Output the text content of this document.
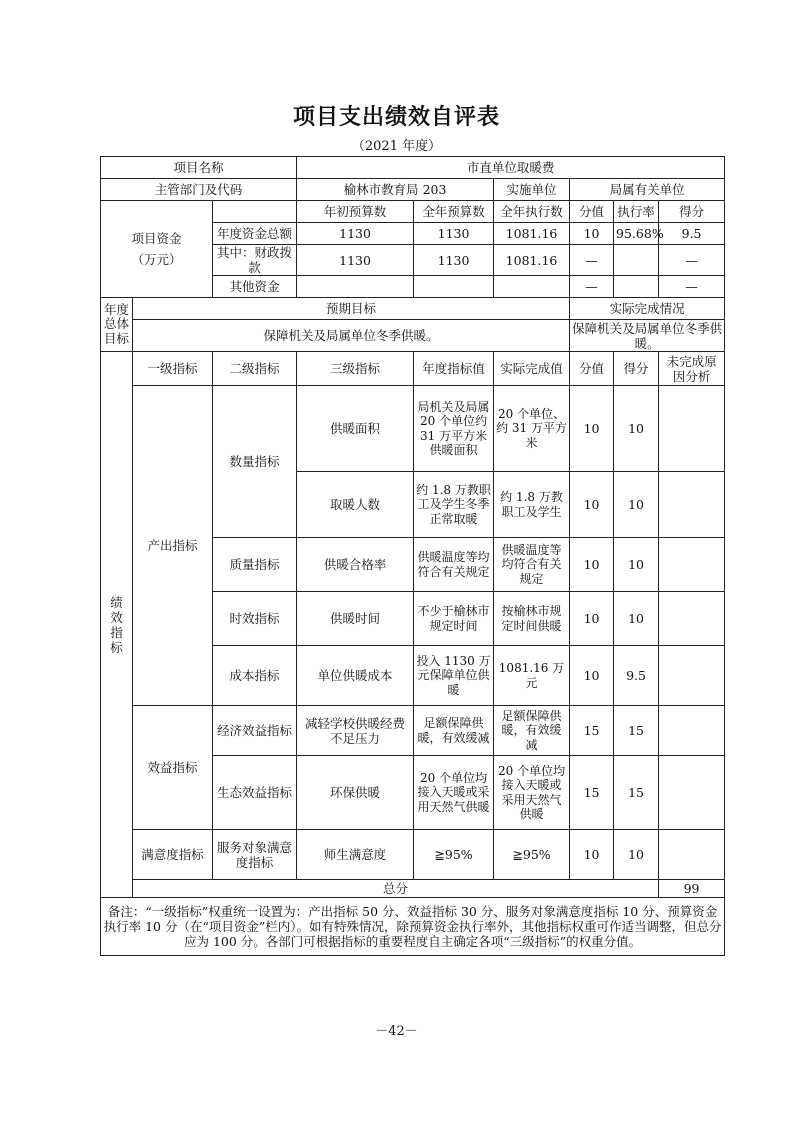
项目支出绩效自评表
（2021 年度）
项目名称			市直单位取暖费						
主管部门及代码			榆林市教育局 203		实施单位	局属有关单位			

项目资金
（万元）			年初预算数	全年预算数	全年执行数	分值	执行率	得分	
		年度资金总额	1130	1130	1081.16	10	95.68%	9.5	
		其中：财政拨款	1130	1130	1081.16	—		—	
		其他资金				—		—	

年度
总体
目标	预期目标					实际完成情况			
	保障机关及局属单位冬季供暖。					保障机关及局属单位冬季供暖。			

绩
效
指
标	一级指标	二级指标	三级指标	年度指标值	实际完成值	分值	得分	未完成原因分析	
	产出指标	数量指标	供暖面积	局机关及局属 20 个单位约 31 万平方米供暖面积	20 个单位、约 31 万平方米	10	10		
			取暖人数	约 1.8 万教职工及学生冬季正常取暖	约 1.8 万教职工及学生	10	10		
		质量指标	供暖合格率	供暖温度等均符合有关规定	供暖温度等均符合有关规定	10	10		
		时效指标	供暖时间	不少于榆林市规定时间	按榆林市规定时间供暖	10	10		
		成本指标	单位供暖成本	投入 1130 万元保障单位供暖	1081.16 万元	10	9.5		
	效益指标	经济效益指标	减轻学校供暖经费不足压力	足额保障供暖，有效缓减	足额保障供暖，有效缓减	15	15		
		生态效益指标	环保供暖	20 个单位均接入天暖或采用天然气供暖	20 个单位均接入天暖或采用天然气供暖	15	15		
	满意度指标	服务对象满意度指标	师生满意度	≧95%	≧95%	10	10		
	总分							99	
备注：“一级指标”权重统一设置为：产出指标 50 分、效益指标 30 分、服务对象满意度指标 10 分、预算资金执行率 10 分（在“项目资金”栏内）。如有特殊情况，除预算资金执行率外，其他指标权重可作适当调整，但总分应为 100 分。各部门可根据指标的重要程度自主确定各项“三级指标”的权重分值。									
－42－
